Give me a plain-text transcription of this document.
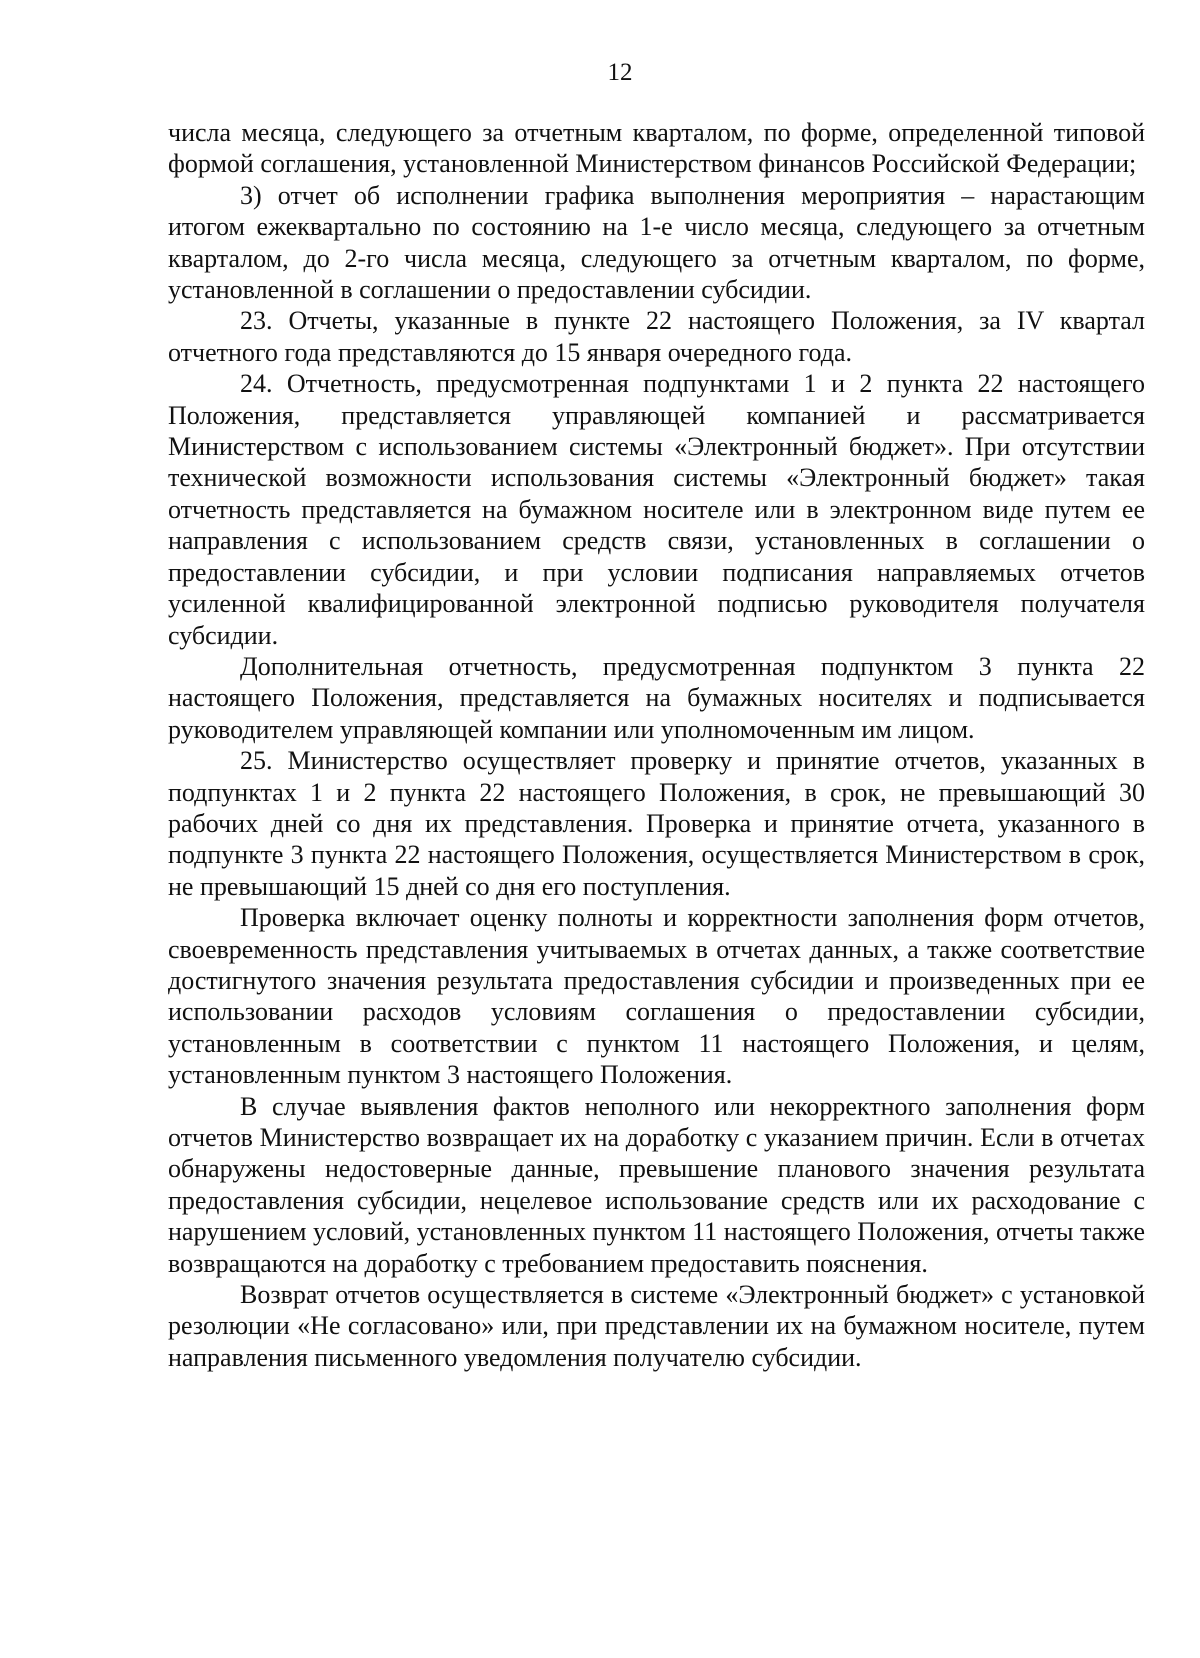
12

числа месяца, следующего за отчетным кварталом, по форме, определенной типовой формой соглашения, установленной Министерством финансов Российской Федерации;

3) отчет об исполнении графика выполнения мероприятия – нарастающим итогом ежеквартально по состоянию на 1-е число месяца, следующего за отчетным кварталом, до 2-го числа месяца, следующего за отчетным кварталом, по форме, установленной в соглашении о предоставлении субсидии.

23. Отчеты, указанные в пункте 22 настоящего Положения, за IV квартал отчетного года представляются до 15 января очередного года.

24. Отчетность, предусмотренная подпунктами 1 и 2 пункта 22 настоящего Положения, представляется управляющей компанией и рассматривается Министерством с использованием системы «Электронный бюджет». При отсутствии технической возможности использования системы «Электронный бюджет» такая отчетность представляется на бумажном носителе или в электронном виде путем ее направления с использованием средств связи, установленных в соглашении о предоставлении субсидии, и при условии подписания направляемых отчетов усиленной квалифицированной электронной подписью руководителя получателя субсидии.

Дополнительная отчетность, предусмотренная подпунктом 3 пункта 22 настоящего Положения, представляется на бумажных носителях и подписывается руководителем управляющей компании или уполномоченным им лицом.

25. Министерство осуществляет проверку и принятие отчетов, указанных в подпунктах 1 и 2 пункта 22 настоящего Положения, в срок, не превышающий 30 рабочих дней со дня их представления. Проверка и принятие отчета, указанного в подпункте 3 пункта 22 настоящего Положения, осуществляется Министерством в срок, не превышающий 15 дней со дня его поступления.

Проверка включает оценку полноты и корректности заполнения форм отчетов, своевременность представления учитываемых в отчетах данных, а также соответствие достигнутого значения результата предоставления субсидии и произведенных при ее использовании расходов условиям соглашения о предоставлении субсидии, установленным в соответствии с пунктом 11 настоящего Положения, и целям, установленным пунктом 3 настоящего Положения.

В случае выявления фактов неполного или некорректного заполнения форм отчетов Министерство возвращает их на доработку с указанием причин. Если в отчетах обнаружены недостоверные данные, превышение планового значения результата предоставления субсидии, нецелевое использование средств или их расходование с нарушением условий, установленных пунктом 11 настоящего Положения, отчеты также возвращаются на доработку с требованием предоставить пояснения.

Возврат отчетов осуществляется в системе «Электронный бюджет» с установкой резолюции «Не согласовано» или, при представлении их на бумажном носителе, путем направления письменного уведомления получателю субсидии.
